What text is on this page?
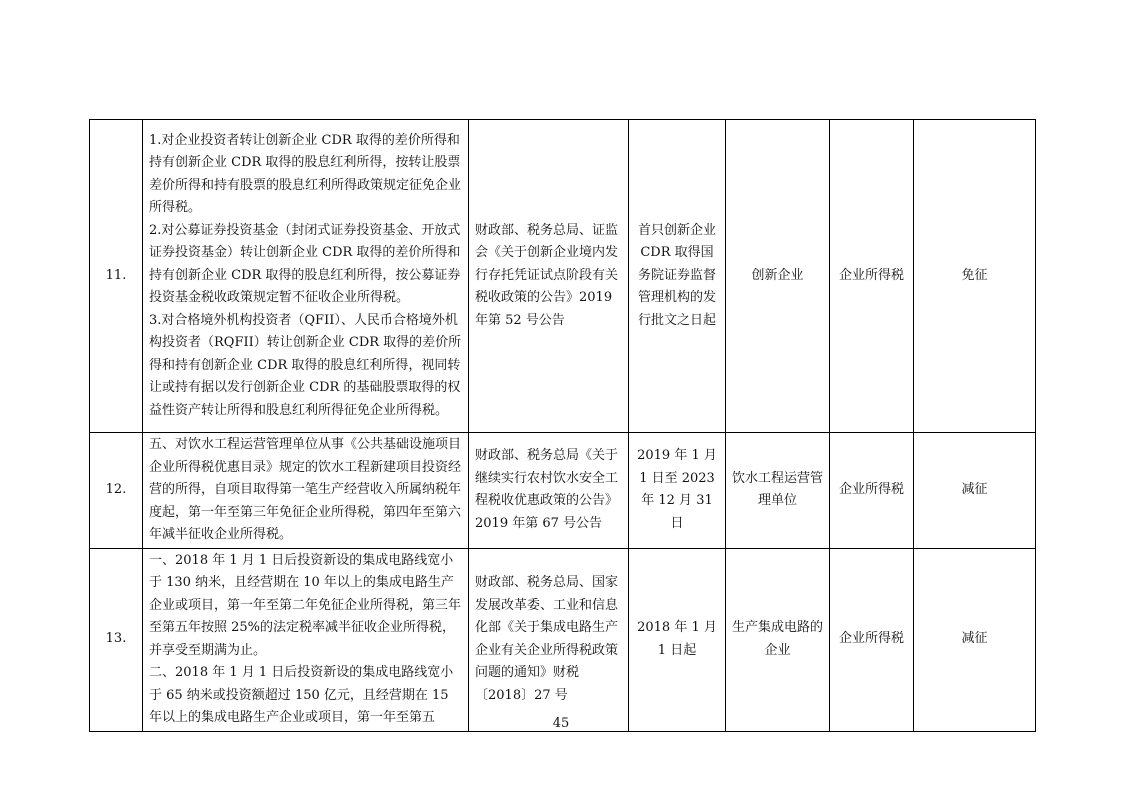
11.	1.对企业投资者转让创新企业 CDR 取得的差价所得和持有创新企业 CDR 取得的股息红利所得，按转让股票差价所得和持有股票的股息红利所得政策规定征免企业所得税。
2.对公募证券投资基金（封闭式证券投资基金、开放式证券投资基金）转让创新企业 CDR 取得的差价所得和持有创新企业 CDR 取得的股息红利所得，按公募证券投资基金税收政策规定暂不征收企业所得税。
3.对合格境外机构投资者（QFII）、人民币合格境外机构投资者（RQFII）转让创新企业 CDR 取得的差价所得和持有创新企业 CDR 取得的股息红利所得，视同转让或持有据以发行创新企业 CDR 的基础股票取得的权益性资产转让所得和股息红利所得征免企业所得税。	财政部、税务总局、证监会《关于创新企业境内发行存托凭证试点阶段有关税收政策的公告》2019 年第 52 号公告	首只创新企业 CDR 取得国务院证券监督管理机构的发行批文之日起	创新企业	企业所得税	免征
12.	五、对饮水工程运营管理单位从事《公共基础设施项目企业所得税优惠目录》规定的饮水工程新建项目投资经营的所得，自项目取得第一笔生产经营收入所属纳税年度起，第一年至第三年免征企业所得税，第四年至第六年减半征收企业所得税。	财政部、税务总局《关于继续实行农村饮水安全工程税收优惠政策的公告》2019 年第 67 号公告	2019 年 1 月 1 日至 2023 年 12 月 31 日	饮水工程运营管理单位	企业所得税	减征
13.	一、2018 年 1 月 1 日后投资新设的集成电路线宽小于 130 纳米，且经营期在 10 年以上的集成电路生产企业或项目，第一年至第二年免征企业所得税，第三年至第五年按照 25%的法定税率减半征收企业所得税，并享受至期满为止。
二、2018 年 1 月 1 日后投资新设的集成电路线宽小于 65 纳米或投资额超过 150 亿元，且经营期在 15 年以上的集成电路生产企业或项目，第一年至第五	财政部、税务总局、国家发展改革委、工业和信息化部《关于集成电路生产企业有关企业所得税政策问题的通知》财税〔2018〕27 号	2018 年 1 月 1 日起	生产集成电路的企业	企业所得税	减征
45
